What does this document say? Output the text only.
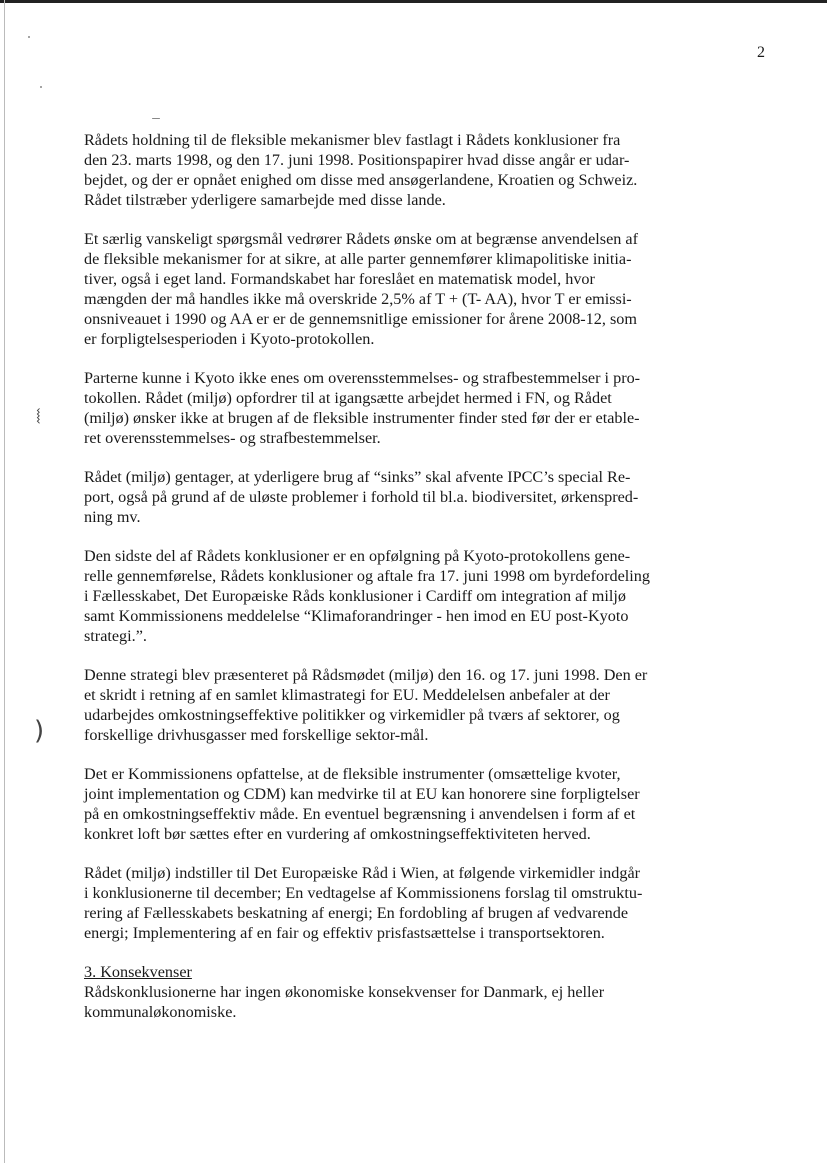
⧙
)
2

Rådets holdning til de fleksible mekanismer blev fastlagt i Rådets konklusioner fra
den 23. marts 1998, og den 17. juni 1998. Positionspapirer hvad disse angår er udar-
bejdet, og der er opnået enighed om disse med ansøgerlandene, Kroatien og Schweiz.
Rådet tilstræber yderligere samarbejde med disse lande.

Et særlig vanskeligt spørgsmål vedrører Rådets ønske om at begrænse anvendelsen af
de fleksible mekanismer for at sikre, at alle parter gennemfører klimapolitiske initia-
tiver, også i eget land. Formandskabet har foreslået en matematisk model, hvor
mængden der må handles ikke må overskride 2,5% af T + (T- AA), hvor T er emissi-
onsniveauet i 1990 og AA er er de gennemsnitlige emissioner for årene 2008-12, som
er forpligtelsesperioden i Kyoto-protokollen.

Parterne kunne i Kyoto ikke enes om overensstemmelses- og strafbestemmelser i pro-
tokollen. Rådet (miljø) opfordrer til at igangsætte arbejdet hermed i FN, og Rådet
(miljø) ønsker ikke at brugen af de fleksible instrumenter finder sted før der er etable-
ret overensstemmelses- og strafbestemmelser.

Rådet (miljø) gentager, at yderligere brug af “sinks” skal afvente IPCC’s special Re-
port, også på grund af de uløste problemer i forhold til bl.a. biodiversitet, ørkenspred-
ning mv.

Den sidste del af Rådets konklusioner er en opfølgning på Kyoto-protokollens gene-
relle gennemførelse, Rådets konklusioner og aftale fra 17. juni 1998 om byrdefordeling
i Fællesskabet, Det Europæiske Råds konklusioner i Cardiff om integration af miljø
samt Kommissionens meddelelse “Klimaforandringer - hen imod en EU post-Kyoto
strategi.”.

Denne strategi blev præsenteret på Rådsmødet (miljø) den 16. og 17. juni 1998. Den er
et skridt i retning af en samlet klimastrategi for EU. Meddelelsen anbefaler at der
udarbejdes omkostningseffektive politikker og virkemidler på tværs af sektorer, og
forskellige drivhusgasser med forskellige sektor-mål.

Det er Kommissionens opfattelse, at de fleksible instrumenter (omsættelige kvoter,
joint implementation og CDM) kan medvirke til at EU kan honorere sine forpligtelser
på en omkostningseffektiv måde. En eventuel begrænsning i anvendelsen i form af et
konkret loft bør sættes efter en vurdering af omkostningseffektiviteten herved.

Rådet (miljø) indstiller til Det Europæiske Råd i Wien, at følgende virkemidler indgår
i konklusionerne til december; En vedtagelse af Kommissionens forslag til omstruktu-
rering af Fællesskabets beskatning af energi; En fordobling af brugen af vedvarende
energi; Implementering af en fair og effektiv prisfastsættelse i transportsektoren.

3. Konsekvenser
Rådskonklusionerne har ingen økonomiske konsekvenser for Danmark, ej heller
kommunaløkonomiske.
